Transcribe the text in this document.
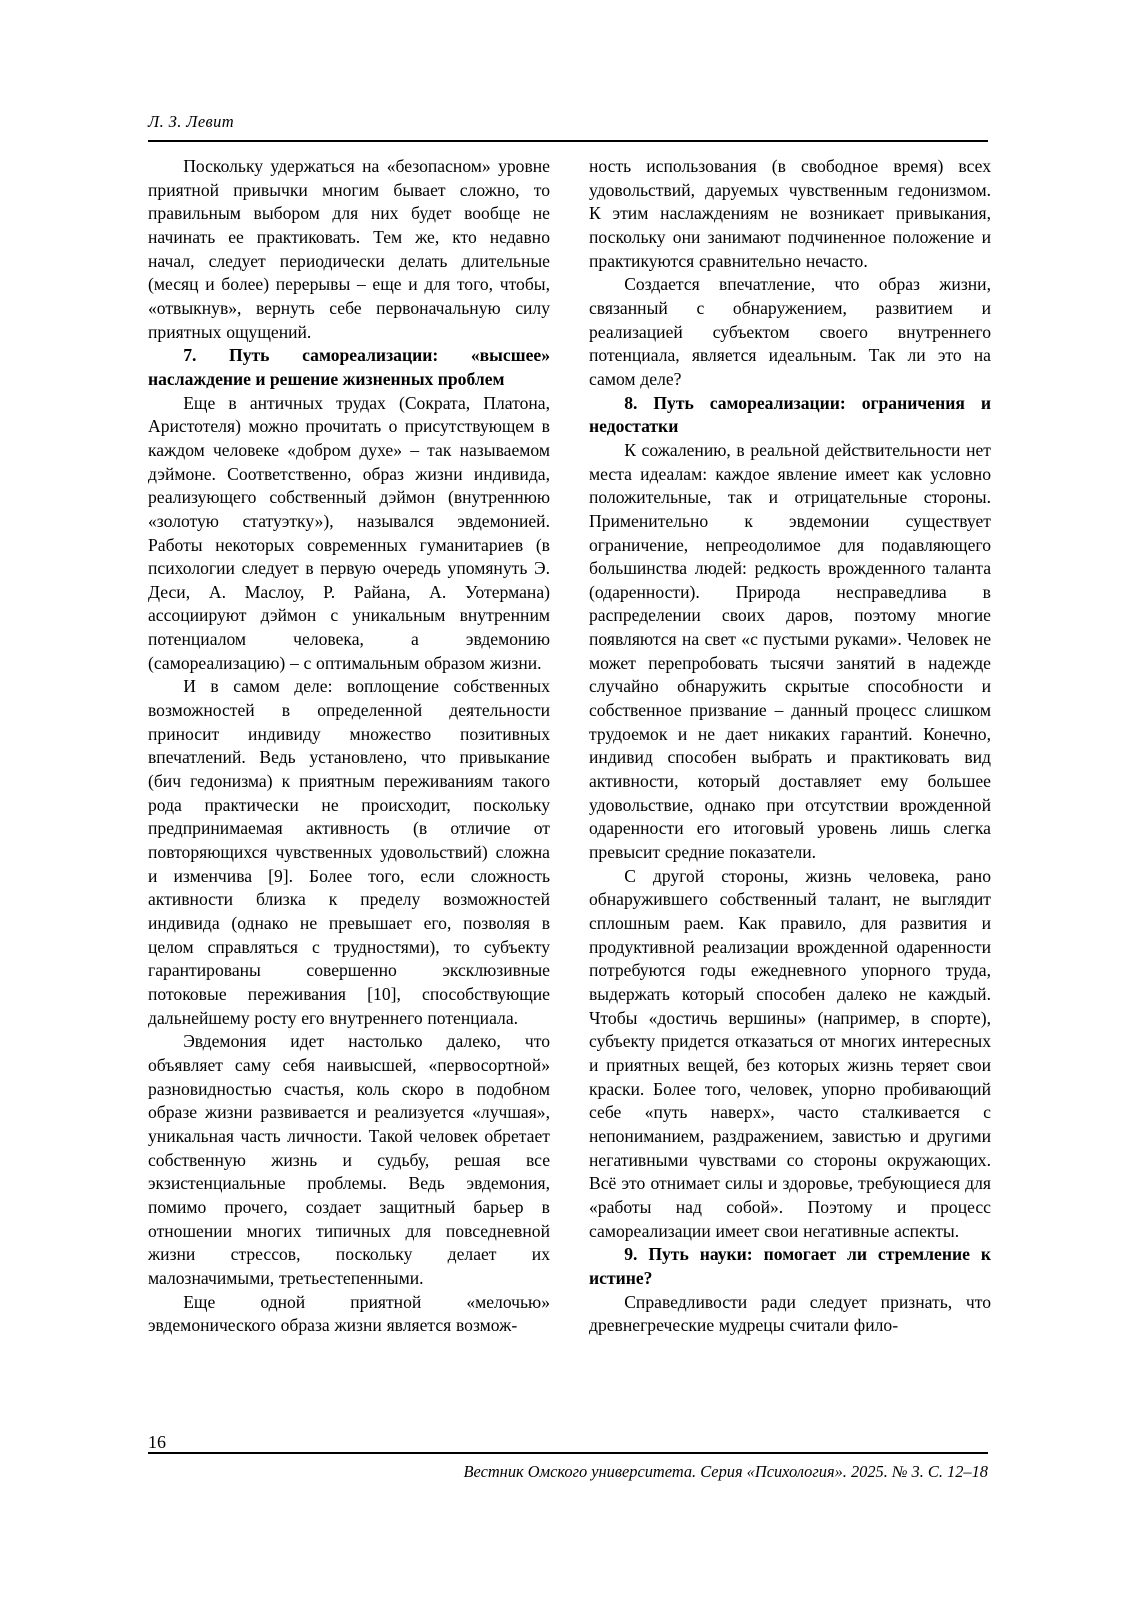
Л. З. Левит

Поскольку удержаться на «безопасном» уровне приятной привычки многим бывает сложно, то правильным выбором для них будет вообще не начинать ее практиковать. Тем же, кто недавно начал, следует периодически делать длительные (месяц и более) перерывы – еще и для того, чтобы, «отвыкнув», вернуть себе первоначальную силу приятных ощущений.

7. Путь самореализации: «высшее» наслаждение и решение жизненных проблем

Еще в античных трудах (Сократа, Платона, Аристотеля) можно прочитать о присутствующем в каждом человеке «добром духе» – так называемом дэймоне. Соответственно, образ жизни индивида, реализующего собственный дэймон (внутреннюю «золотую статуэтку»), назывался эвдемонией. Работы некоторых современных гуманитариев (в психологии следует в первую очередь упомянуть Э. Деси, А. Маслоу, Р. Райана, А. Уотермана) ассоциируют дэймон с уникальным внутренним потенциалом человека, а эвдемонию (самореализацию) – с оптимальным образом жизни.

И в самом деле: воплощение собственных возможностей в определенной деятельности приносит индивиду множество позитивных впечатлений. Ведь установлено, что привыкание (бич гедонизма) к приятным переживаниям такого рода практически не происходит, поскольку предпринимаемая активность (в отличие от повторяющихся чувственных удовольствий) сложна и изменчива [9]. Более того, если сложность активности близка к пределу возможностей индивида (однако не превышает его, позволяя в целом справляться с трудностями), то субъекту гарантированы совершенно эксклюзивные потоковые переживания [10], способствующие дальнейшему росту его внутреннего потенциала.

Эвдемония идет настолько далеко, что объявляет саму себя наивысшей, «первосортной» разновидностью счастья, коль скоро в подобном образе жизни развивается и реализуется «лучшая», уникальная часть личности. Такой человек обретает собственную жизнь и судьбу, решая все экзистенциальные проблемы. Ведь эвдемония, помимо прочего, создает защитный барьер в отношении многих типичных для повседневной жизни стрессов, поскольку делает их малозначимыми, третьестепенными.

Еще одной приятной «мелочью» эвдемонического образа жизни является возмож-

ность использования (в свободное время) всех удовольствий, даруемых чувственным гедонизмом. К этим наслаждениям не возникает привыкания, поскольку они занимают подчиненное положение и практикуются сравнительно нечасто.

Создается впечатление, что образ жизни, связанный с обнаружением, развитием и реализацией субъектом своего внутреннего потенциала, является идеальным. Так ли это на самом деле?

8. Путь самореализации: ограничения и недостатки

К сожалению, в реальной действительности нет места идеалам: каждое явление имеет как условно положительные, так и отрицательные стороны. Применительно к эвдемонии существует ограничение, непреодолимое для подавляющего большинства людей: редкость врожденного таланта (одаренности). Природа несправедлива в распределении своих даров, поэтому многие появляются на свет «с пустыми руками». Человек не может перепробовать тысячи занятий в надежде случайно обнаружить скрытые способности и собственное призвание – данный процесс слишком трудоемок и не дает никаких гарантий. Конечно, индивид способен выбрать и практиковать вид активности, который доставляет ему большее удовольствие, однако при отсутствии врожденной одаренности его итоговый уровень лишь слегка превысит средние показатели.

С другой стороны, жизнь человека, рано обнаружившего собственный талант, не выглядит сплошным раем. Как правило, для развития и продуктивной реализации врожденной одаренности потребуются годы ежедневного упорного труда, выдержать который способен далеко не каждый. Чтобы «достичь вершины» (например, в спорте), субъекту придется отказаться от многих интересных и приятных вещей, без которых жизнь теряет свои краски. Более того, человек, упорно пробивающий себе «путь наверх», часто сталкивается с непониманием, раздражением, завистью и другими негативными чувствами со стороны окружающих. Всё это отнимает силы и здоровье, требующиеся для «работы над собой». Поэтому и процесс самореализации имеет свои негативные аспекты.

9. Путь науки: помогает ли стремление к истине?

Справедливости ради следует признать, что древнегреческие мудрецы считали фило-

16
Вестник Омского университета. Серия «Психология». 2025. № 3. С. 12–18
